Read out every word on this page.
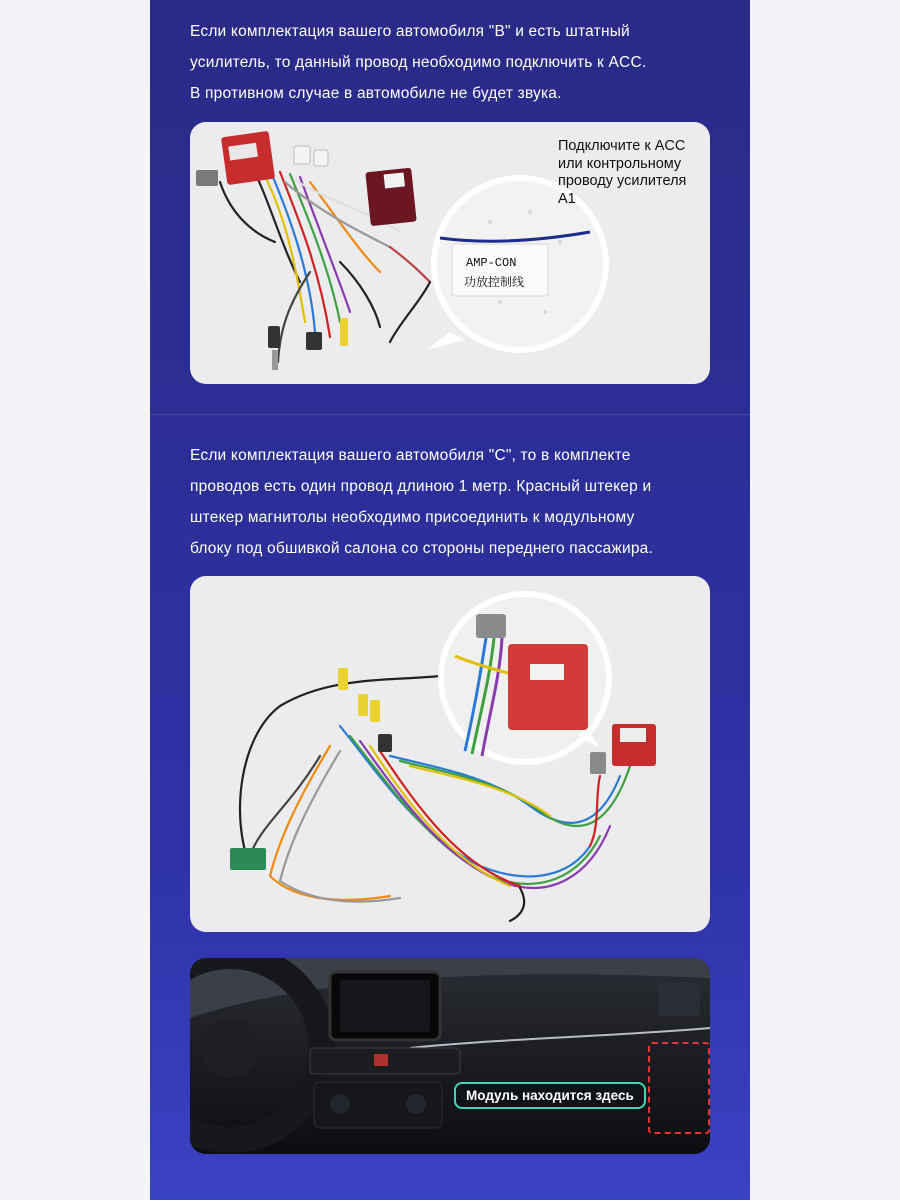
Если комплектация вашего автомобиля "B" и есть штатный

усилитель, то данный провод необходимо подключить к ACC.

В противном случае в автомобиле не будет звука.

AMP-CON
功放控制线
Подключите к ACC или контрольному проводу усилителя A1

Если комплектация вашего автомобиля "C", то в комплекте

проводов есть один провод длиною 1 метр. Красный штекер и

штекер магнитолы необходимо присоединить к модульному

блоку под обшивкой салона со стороны переднего пассажира.

Модуль находится здесь
